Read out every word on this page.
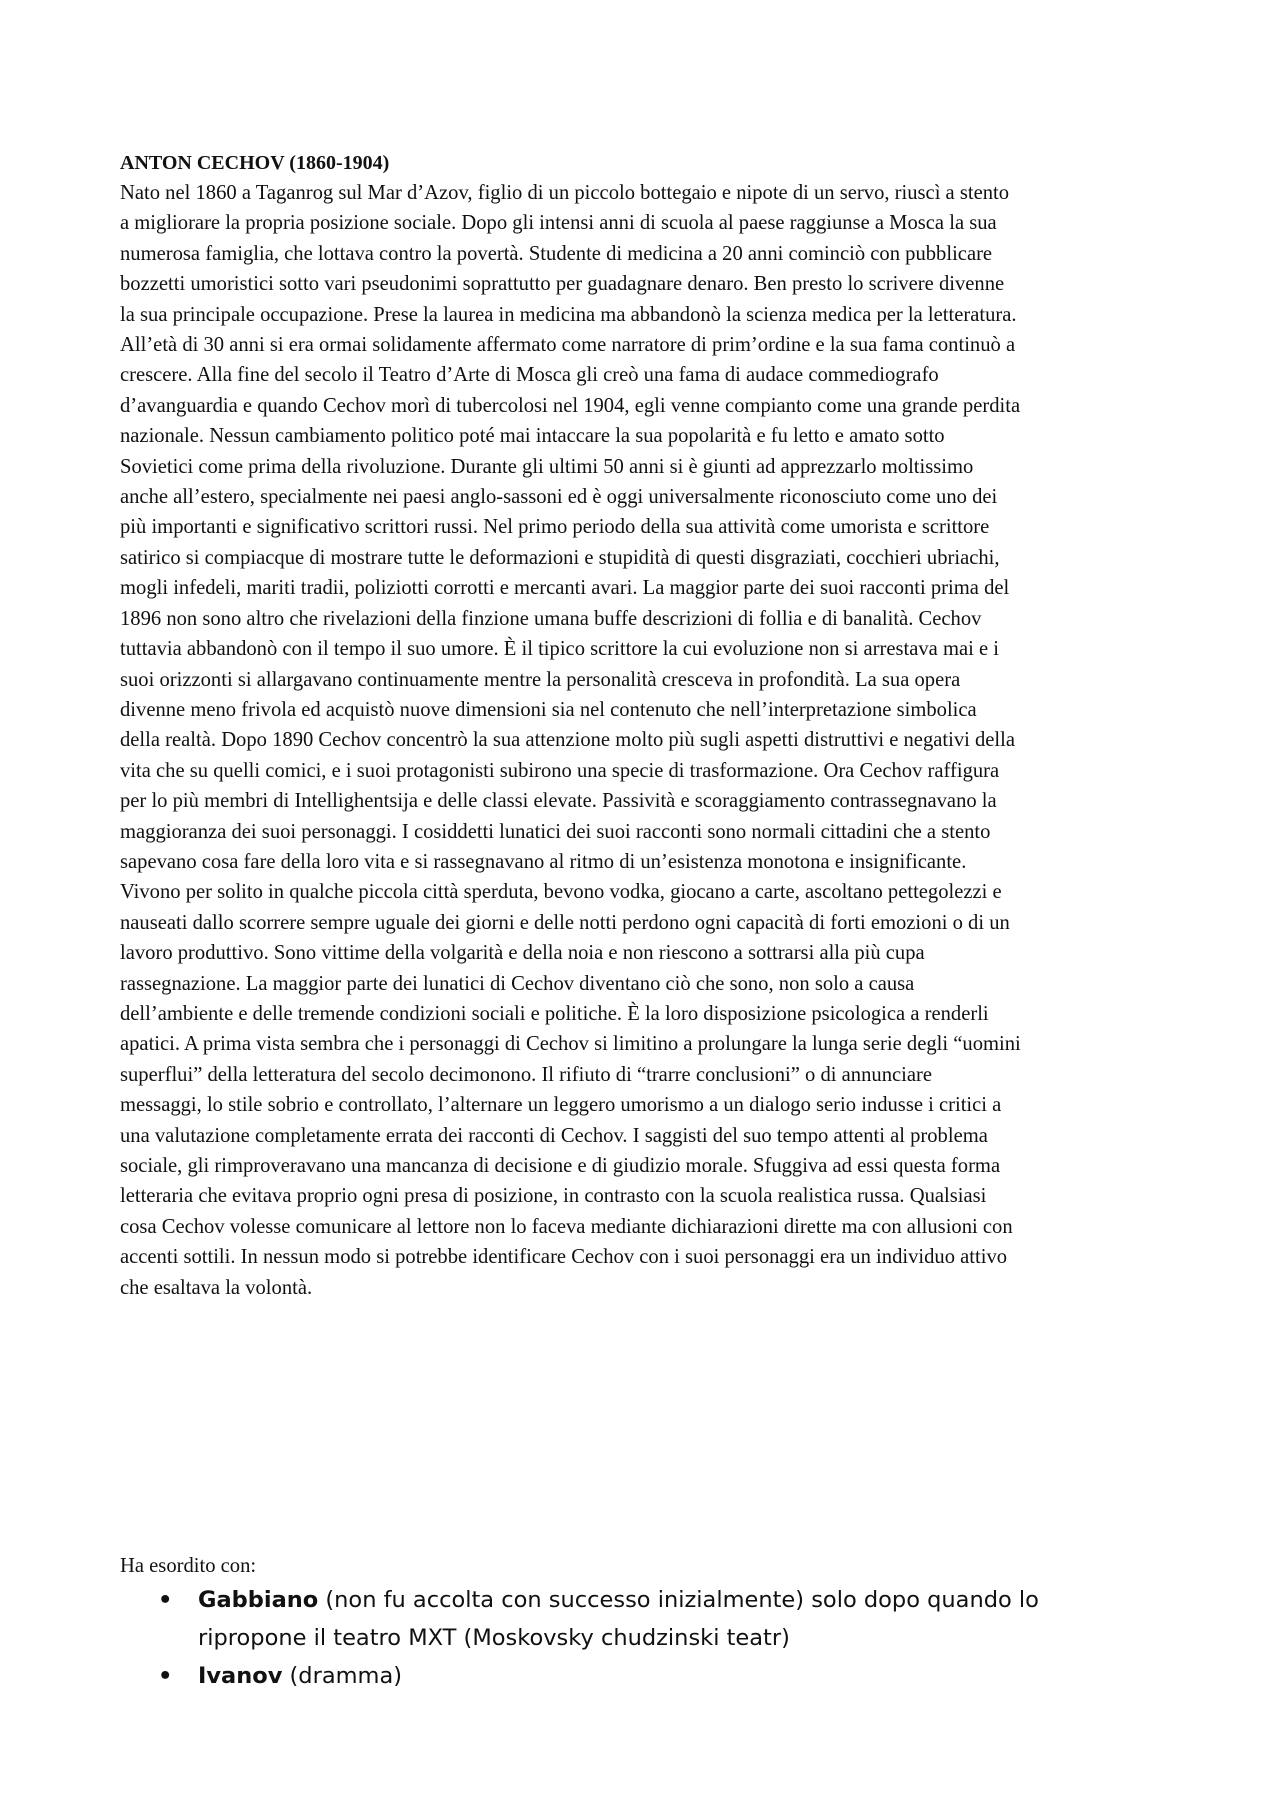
ANTON CECHOV (1860-1904)

Nato nel 1860 a Taganrog sul Mar d’Azov, figlio di un piccolo bottegaio e nipote di un servo, riuscì a stento
a migliorare la propria posizione sociale. Dopo gli intensi anni di scuola al paese raggiunse a Mosca la sua
numerosa famiglia, che lottava contro la povertà. Studente di medicina a 20 anni cominciò con pubblicare
bozzetti umoristici sotto vari pseudonimi soprattutto per guadagnare denaro. Ben presto lo scrivere divenne
la sua principale occupazione. Prese la laurea in medicina ma abbandonò la scienza medica per la letteratura.
All’età di 30 anni si era ormai solidamente affermato come narratore di prim’ordine e la sua fama continuò a
crescere. Alla fine del secolo il Teatro d’Arte di Mosca gli creò una fama di audace commediografo
d’avanguardia e quando Cechov morì di tubercolosi nel 1904, egli venne compianto come una grande perdita
nazionale. Nessun cambiamento politico poté mai intaccare la sua popolarità e fu letto e amato sotto
Sovietici come prima della rivoluzione. Durante gli ultimi 50 anni si è giunti ad apprezzarlo moltissimo
anche all’estero, specialmente nei paesi anglo-sassoni ed è oggi universalmente riconosciuto come uno dei
più importanti e significativo scrittori russi. Nel primo periodo della sua attività come umorista e scrittore
satirico si compiacque di mostrare tutte le deformazioni e stupidità di questi disgraziati, cocchieri ubriachi,
mogli infedeli, mariti tradii, poliziotti corrotti e mercanti avari. La maggior parte dei suoi racconti prima del
1896 non sono altro che rivelazioni della finzione umana buffe descrizioni di follia e di banalità. Cechov
tuttavia abbandonò con il tempo il suo umore. È il tipico scrittore la cui evoluzione non si arrestava mai e i
suoi orizzonti si allargavano continuamente mentre la personalità cresceva in profondità. La sua opera
divenne meno frivola ed acquistò nuove dimensioni sia nel contenuto che nell’interpretazione simbolica
della realtà. Dopo 1890 Cechov concentrò la sua attenzione molto più sugli aspetti distruttivi e negativi della
vita che su quelli comici, e i suoi protagonisti subirono una specie di trasformazione. Ora Cechov raffigura
per lo più membri di Intellighentsija e delle classi elevate. Passività e scoraggiamento contrassegnavano la
maggioranza dei suoi personaggi. I cosiddetti lunatici dei suoi racconti sono normali cittadini che a stento
sapevano cosa fare della loro vita e si rassegnavano al ritmo di un’esistenza monotona e insignificante.
Vivono per solito in qualche piccola città sperduta, bevono vodka, giocano a carte, ascoltano pettegolezzi e
nauseati dallo scorrere sempre uguale dei giorni e delle notti perdono ogni capacità di forti emozioni o di un
lavoro produttivo. Sono vittime della volgarità e della noia e non riescono a sottrarsi alla più cupa
rassegnazione. La maggior parte dei lunatici di Cechov diventano ciò che sono, non solo a causa
dell’ambiente e delle tremende condizioni sociali e politiche. È la loro disposizione psicologica a renderli
apatici. A prima vista sembra che i personaggi di Cechov si limitino a prolungare la lunga serie degli “uomini
superflui” della letteratura del secolo decimonono. Il rifiuto di “trarre conclusioni” o di annunciare
messaggi, lo stile sobrio e controllato, l’alternare un leggero umorismo a un dialogo serio indusse i critici a
una valutazione completamente errata dei racconti di Cechov. I saggisti del suo tempo attenti al problema
sociale, gli rimproveravano una mancanza di decisione e di giudizio morale. Sfuggiva ad essi questa forma
letteraria che evitava proprio ogni presa di posizione, in contrasto con la scuola realistica russa. Qualsiasi
cosa Cechov volesse comunicare al lettore non lo faceva mediante dichiarazioni dirette ma con allusioni con
accenti sottili. In nessun modo si potrebbe identificare Cechov con i suoi personaggi era un individuo attivo
che esaltava la volontà.

Ha esordito con:

• Gabbiano (non fu accolta con successo inizialmente) solo dopo quando lo
ripropone il teatro MXT (Moskovsky chudzinski teatr)
• Ivanov (dramma)
